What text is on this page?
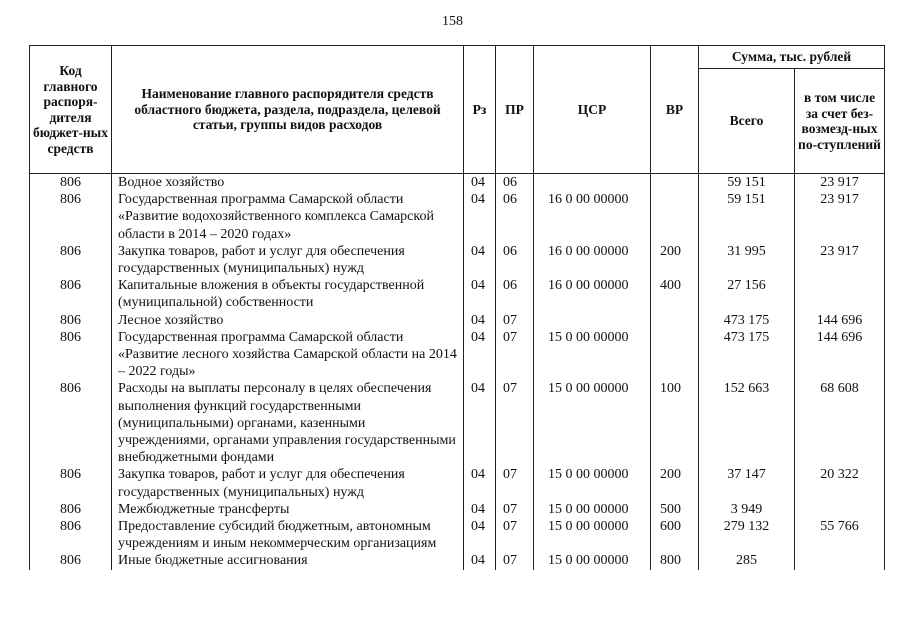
158
Код главного распоря-дителя бюджет-ных средств	Наименование главного распорядителя средств областного бюджета, раздела, подраздела, целевой статьи, группы видов расходов	Рз	ПР	ЦСР	ВР	Сумма, тыс. рублей	
						Всего	в том числе за счет без-возмезд-ных по-ступлений
806	Водное хозяйство	04	06			59 151	23 917
806	Государственная программа Самарской области «Развитие водохозяйственного комплекса Самарской области в 2014 – 2020 годах»	04	06	16 0 00 00000		59 151	23 917
806	Закупка товаров, работ и услуг для обеспечения государственных (муниципальных) нужд	04	06	16 0 00 00000	200	31 995	23 917
806	Капитальные вложения в объекты государственной (муниципальной) собственности	04	06	16 0 00 00000	400	27 156	
806	Лесное хозяйство	04	07			473 175	144 696
806	Государственная программа Самарской области «Развитие лесного хозяйства Самарской области на 2014 – 2022 годы»	04	07	15 0 00 00000		473 175	144 696
806	Расходы на выплаты персоналу в целях обеспечения выполнения функций государственными (муниципальными) органами, казенными учреждениями, органами управления государственными внебюджетными фондами	04	07	15 0 00 00000	100	152 663	68 608
806	Закупка товаров, работ и услуг для обеспечения государственных (муниципальных) нужд	04	07	15 0 00 00000	200	37 147	20 322
806	Межбюджетные трансферты	04	07	15 0 00 00000	500	3 949	
806	Предоставление субсидий бюджетным, автономным учреждениям и иным некоммерческим организациям	04	07	15 0 00 00000	600	279 132	55 766
806	Иные бюджетные ассигнования	04	07	15 0 00 00000	800	285	
